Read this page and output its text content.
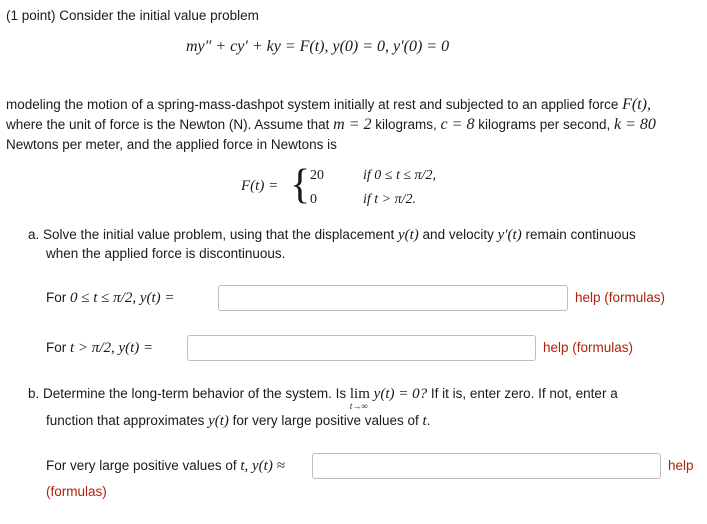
(1 point) Consider the initial value problem
my″ + cy′ + ky = F(t), y(0) = 0, y′(0) = 0
modeling the motion of a spring-mass-dashpot system initially at rest and subjected to an applied force F(t),
where the unit of force is the Newton (N). Assume that m = 2 kilograms, c = 8 kilograms per second, k = 80
Newtons per meter, and the applied force in Newtons is
F(t) = { 20	if 0 ≤ t ≤ π/2,
0	if t > π/2.
a. Solve the initial value problem, using that the displacement y(t) and velocity y′(t) remain continuous
when the applied force is discontinuous.
For 0 ≤ t ≤ π/2, y(t) =	help (formulas)
For t > π/2, y(t) =	help (formulas)
b. Determine the long-term behavior of the system. Is lim
t→∞
y(t) = 0? If it is, enter zero. If not, enter a
function that approximates y(t) for very large positive values of t.
For very large positive values of t, y(t) ≈	help
(formulas)
